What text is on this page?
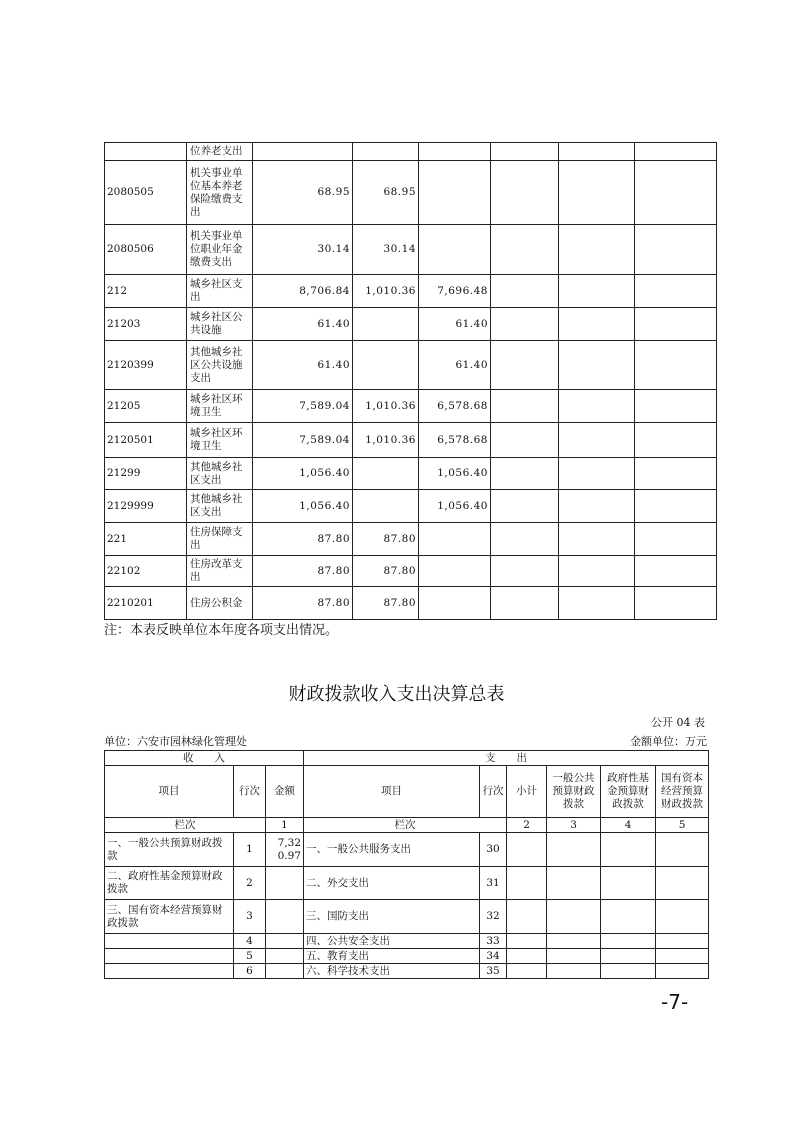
	位养老支出						
2080505	机关事业单位基本养老保险缴费支出	68.95	68.95				
2080506	机关事业单位职业年金缴费支出	30.14	30.14				
212	城乡社区支出	8,706.84	1,010.36	7,696.48			
21203	城乡社区公共设施	61.40		61.40			
2120399	其他城乡社区公共设施支出	61.40		61.40			
21205	城乡社区环境卫生	7,589.04	1,010.36	6,578.68			
2120501	城乡社区环境卫生	7,589.04	1,010.36	6,578.68			
21299	其他城乡社区支出	1,056.40		1,056.40			
2129999	其他城乡社区支出	1,056.40		1,056.40			
221	住房保障支出	87.80	87.80				
22102	住房改革支出	87.80	87.80				
2210201	住房公积金	87.80	87.80				
注：本表反映单位本年度各项支出情况。
财政拨款收入支出决算总表
公开 04 表
单位：六安市园林绿化管理处	金额单位：万元
收　　入			支　　出					
项目	行次	金额	项目	行次	小计	一般公共预算财政拨款	政府性基金预算财政拨款	国有资本经营预算财政拨款
栏次		1	栏次		2	3	4	5
一、一般公共预算财政拨款	1	7,320.97	一、一般公共服务支出	30				
二、政府性基金预算财政拨款	2		二、外交支出	31				
三、国有资本经营预算财政拨款	3		三、国防支出	32				
	4		四、公共安全支出	33				
	5		五、教育支出	34				
	6		六、科学技术支出	35				
-7-
